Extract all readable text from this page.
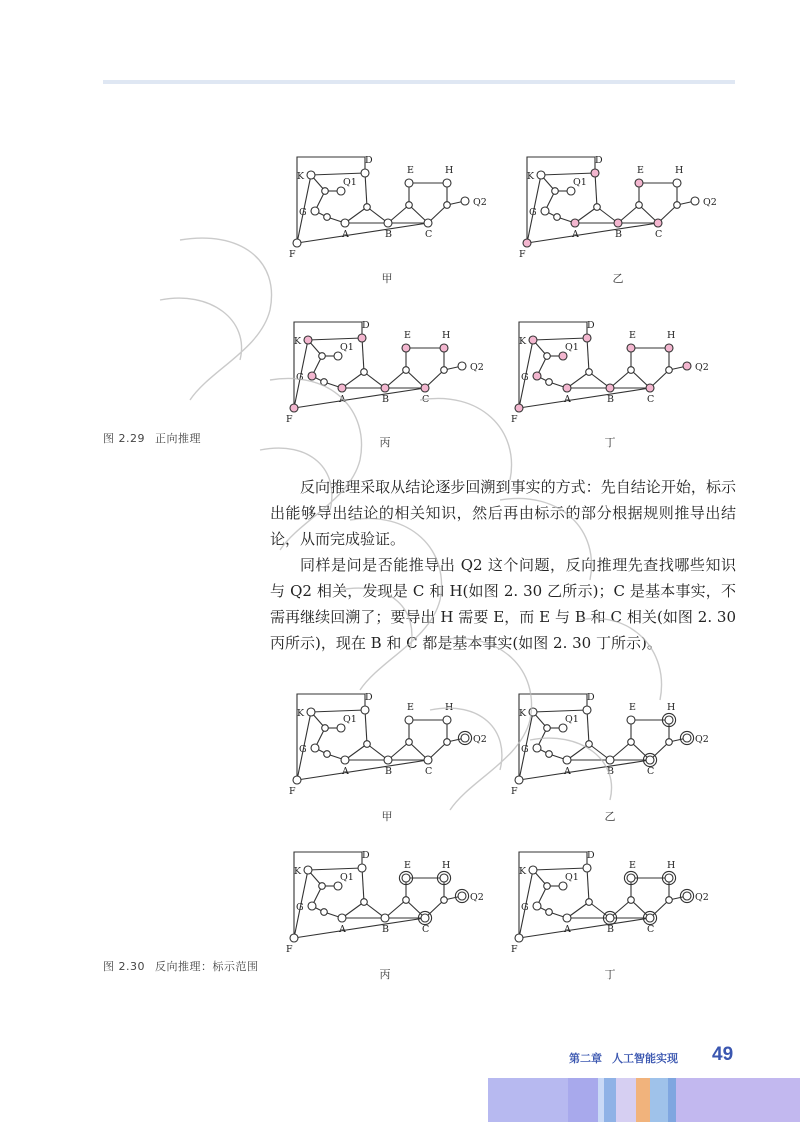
D
E	H
K
Q1
G
A	B	C
F
Q2
D
E	H
K
Q1
G
A	B	C
F
Q2
D
E	H
K
Q1
G
A	B	C
F
Q2
D
E	H
K
Q1
G
A	B	C
F
Q2
甲	乙
丙	丁
图 2.29 正向推理

反向推理采取从结论逐步回溯到事实的方式：先自结论开始，标示出能够导出结论的相关知识，然后再由标示的部分根据规则推导出结论，从而完成验证。

同样是问是否能推导出 Q2 这个问题，反向推理先查找哪些知识与 Q2 相关，发现是 C 和 H(如图 2. 30 乙所示)；C 是基本事实，不需再继续回溯了；要导出 H 需要 E，而 E 与 B 和 C 相关(如图 2. 30 丙所示)，现在 B 和 C 都是基本事实(如图 2. 30 丁所示)。

D
E	H
K
Q1
G
A	B	C
F
Q2
D
E	H
K
Q1
G
A	B	C
F
Q2
D
E	H
K
Q1
G
A	B	C
F
Q2
D
E	H
K
Q1
G
A	B	C
F
Q2
甲	乙
丙	丁
图 2.30 反向推理：标示范围
第二章 人工智能实现	49
